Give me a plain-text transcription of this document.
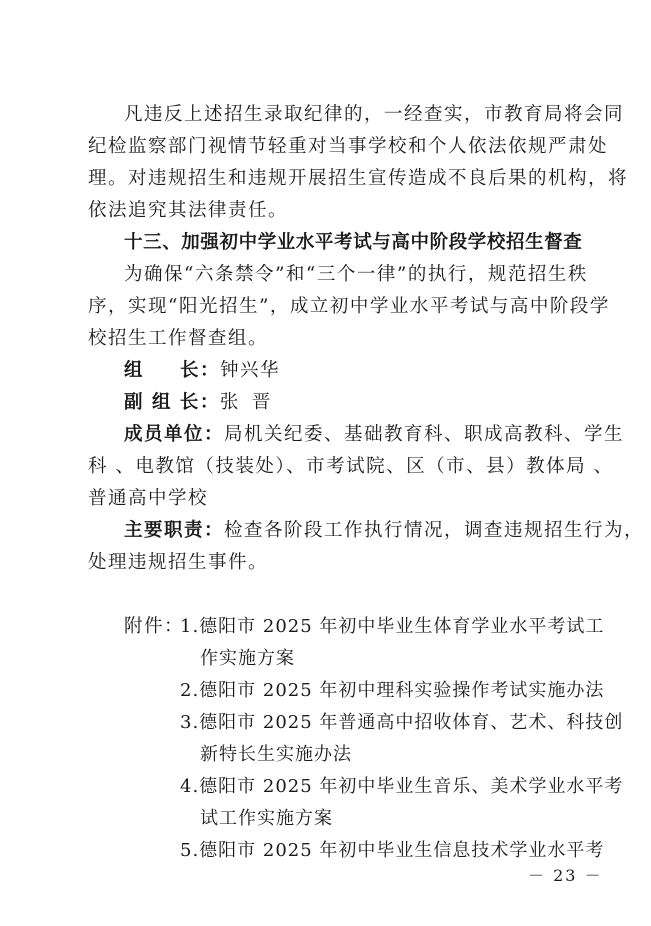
凡违反上述招生录取纪律的，一经查实，市教育局将会同
纪检监察部门视情节轻重对当事学校和个人依法依规严肃处
理。对违规招生和违规开展招生宣传造成不良后果的机构，将
依法追究其法律责任。
十三、加强初中学业水平考试与高中阶段学校招生督查
为确保“六条禁令”和“三个一律”的执行，规范招生秩
序，实现“阳光招生”，成立初中学业水平考试与高中阶段学
校招生工作督查组。
组 长：钟兴华
副 组 长：张 晋
成员单位：局机关纪委、基础教育科、职成高教科、学生
科 、电教馆（技装处）、市考试院、区（市、县）教体局 、
普通高中学校
主要职责：检查各阶段工作执行情况，调查违规招生行为，
处理违规招生事件。
附件：
1.德阳市 2025 年初中毕业生体育学业水平考试工
作实施方案
2.德阳市 2025 年初中理科实验操作考试实施办法
3.德阳市 2025 年普通高中招收体育、艺术、科技创
新特长生实施办法
4.德阳市 2025 年初中毕业生音乐、美术学业水平考
试工作实施方案
5.德阳市 2025 年初中毕业生信息技术学业水平考
－ 23 －
